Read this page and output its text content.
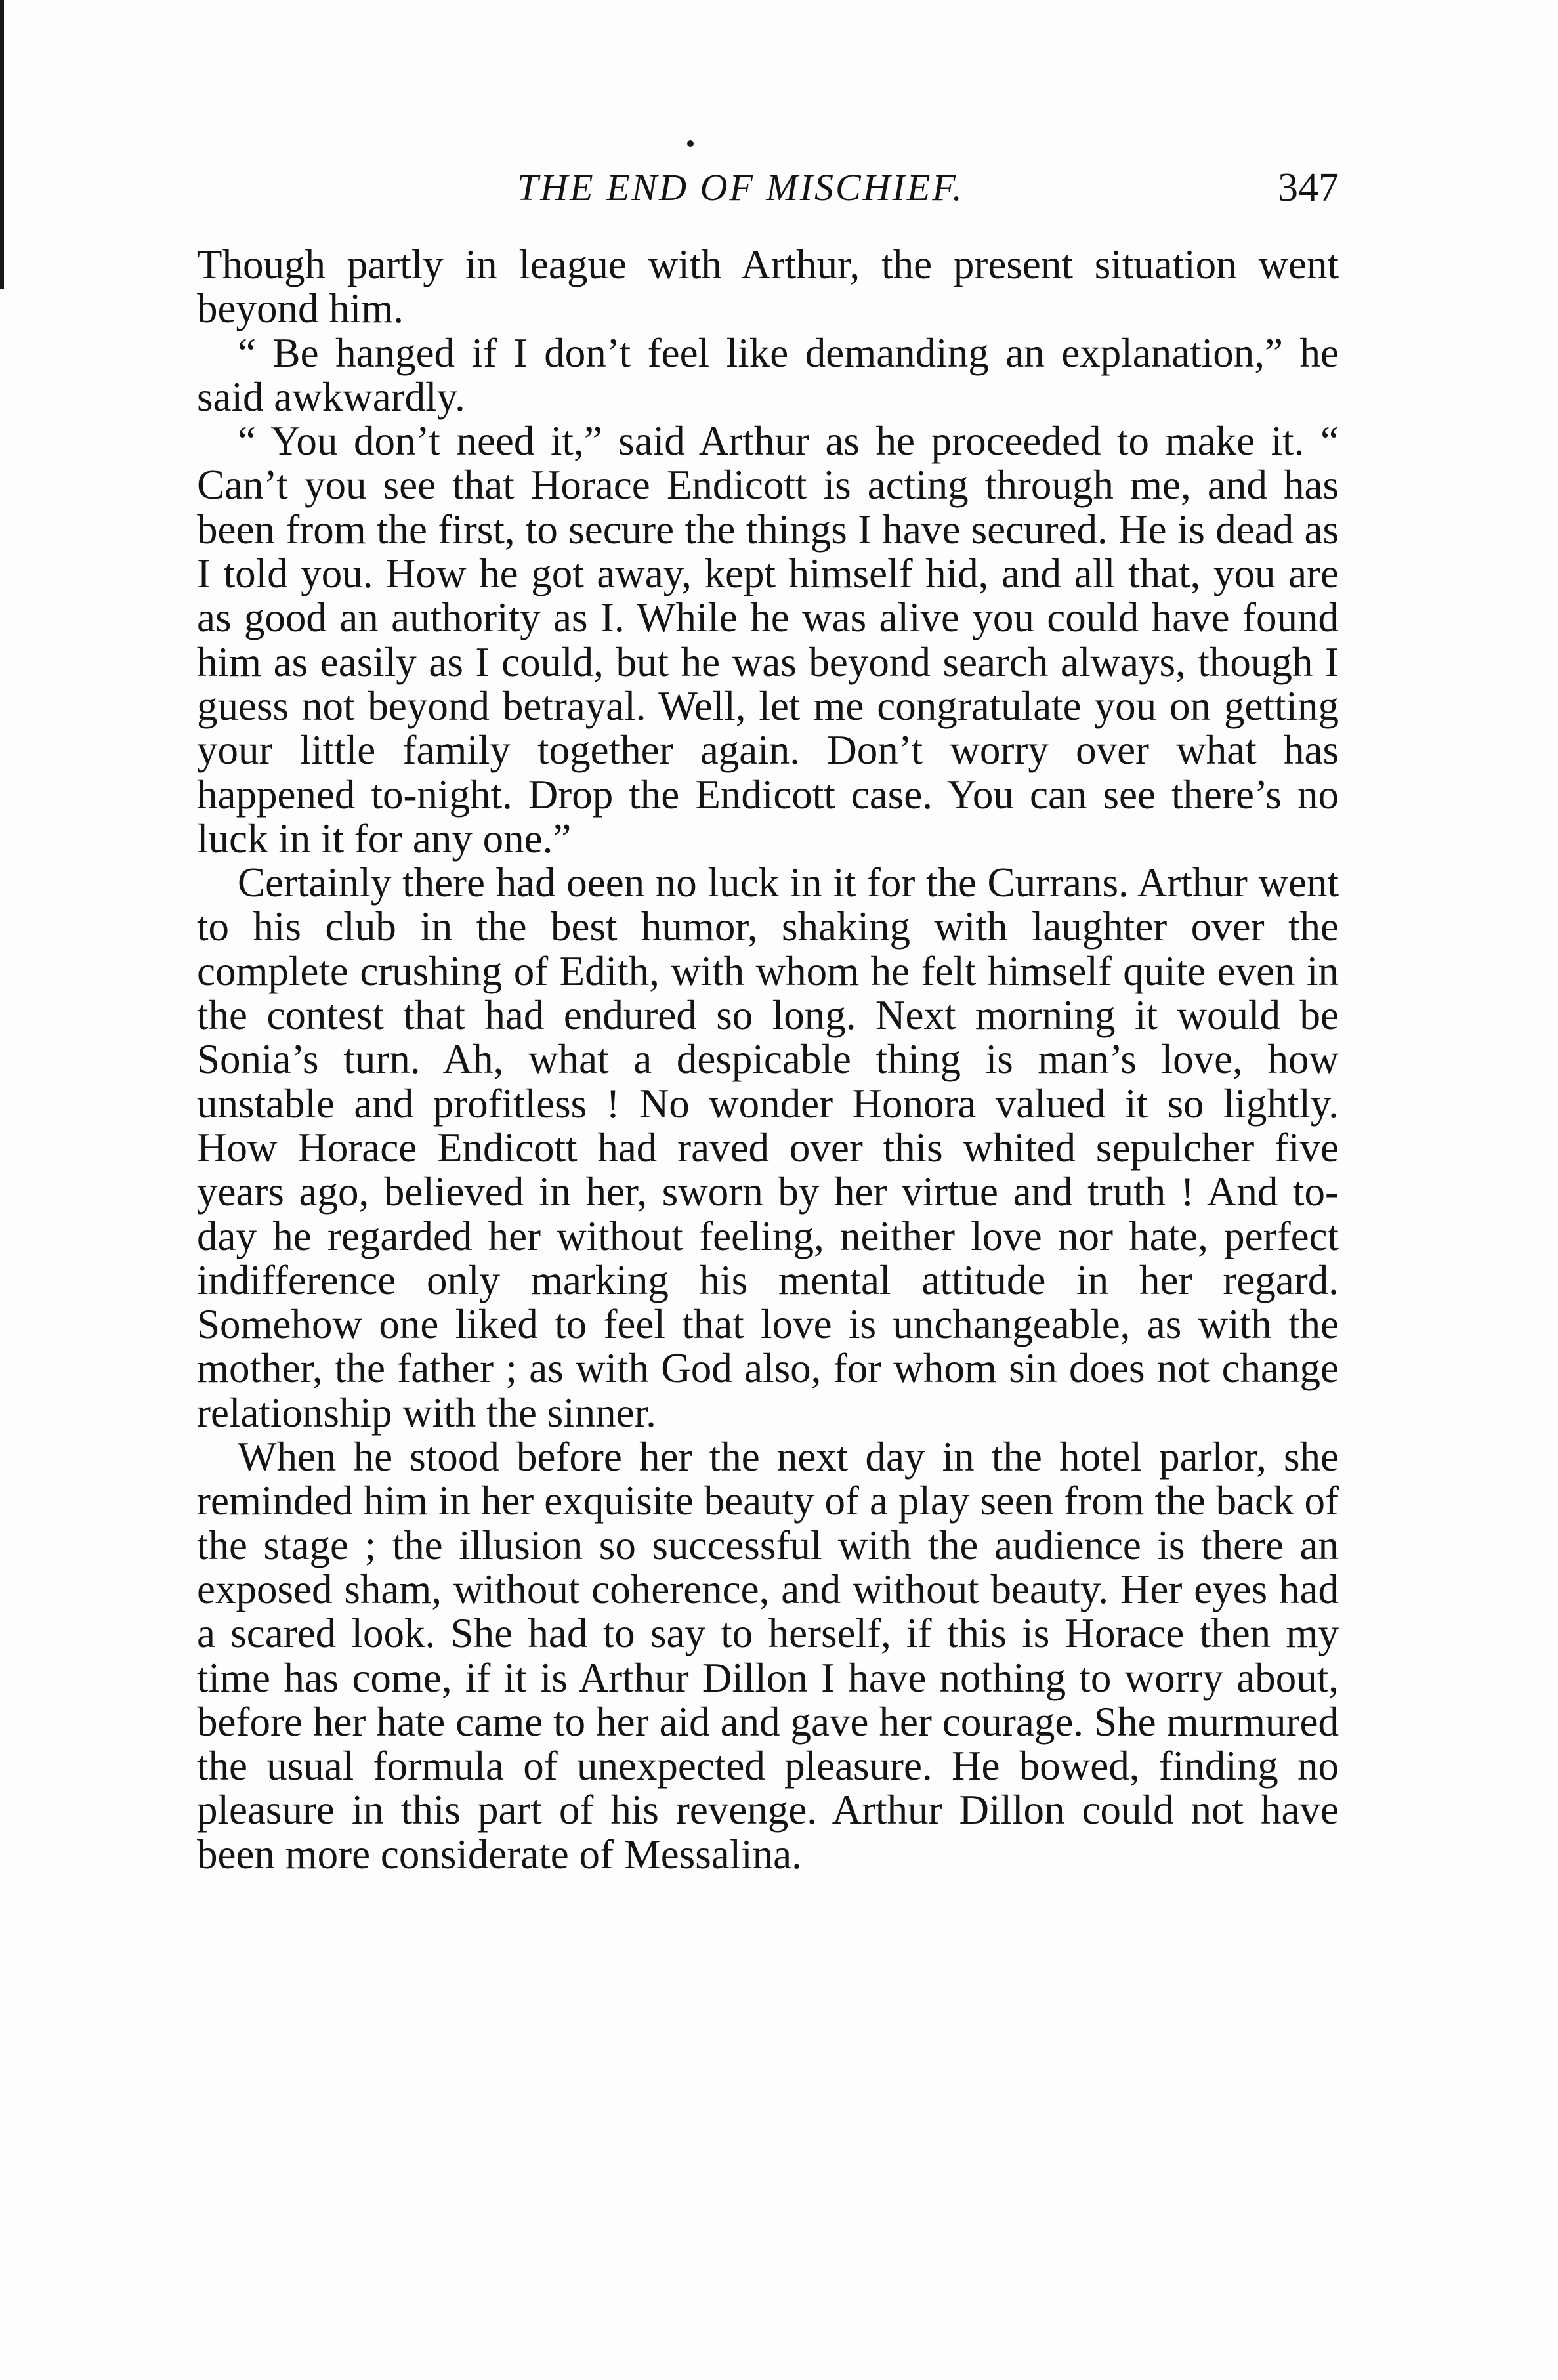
THE END OF MISCHIEF.	347

Though partly in league with Arthur, the present situation went beyond him.

“ Be hanged if I don’t feel like demanding an explanation,” he said awkwardly.

“ You don’t need it,” said Arthur as he proceeded to make it. “ Can’t you see that Horace Endicott is acting through me, and has been from the first, to secure the things I have secured. He is dead as I told you. How he got away, kept himself hid, and all that, you are as good an authority as I. While he was alive you could have found him as easily as I could, but he was beyond search always, though I guess not beyond betrayal. Well, let me congratulate you on getting your little family together again. Don’t worry over what has happened to-night. Drop the Endicott case. You can see there’s no luck in it for any one.”

Certainly there had oeen no luck in it for the Currans. Arthur went to his club in the best humor, shaking with laughter over the complete crushing of Edith, with whom he felt himself quite even in the contest that had endured so long. Next morning it would be Sonia’s turn. Ah, what a despicable thing is man’s love, how unstable and profitless ! No wonder Honora valued it so lightly. How Horace Endicott had raved over this whited sepulcher five years ago, believed in her, sworn by her virtue and truth ! And to-day he regarded her without feeling, neither love nor hate, perfect indifference only marking his mental attitude in her regard. Somehow one liked to feel that love is unchangeable, as with the mother, the father ; as with God also, for whom sin does not change relationship with the sinner.

When he stood before her the next day in the hotel parlor, she reminded him in her exquisite beauty of a play seen from the back of the stage ; the illusion so successful with the audience is there an exposed sham, without coherence, and without beauty. Her eyes had a scared look. She had to say to herself, if this is Horace then my time has come, if it is Arthur Dillon I have nothing to worry about, before her hate came to her aid and gave her courage. She murmured the usual formula of unexpected pleasure. He bowed, finding no pleasure in this part of his revenge. Arthur Dillon could not have been more considerate of Messalina.
